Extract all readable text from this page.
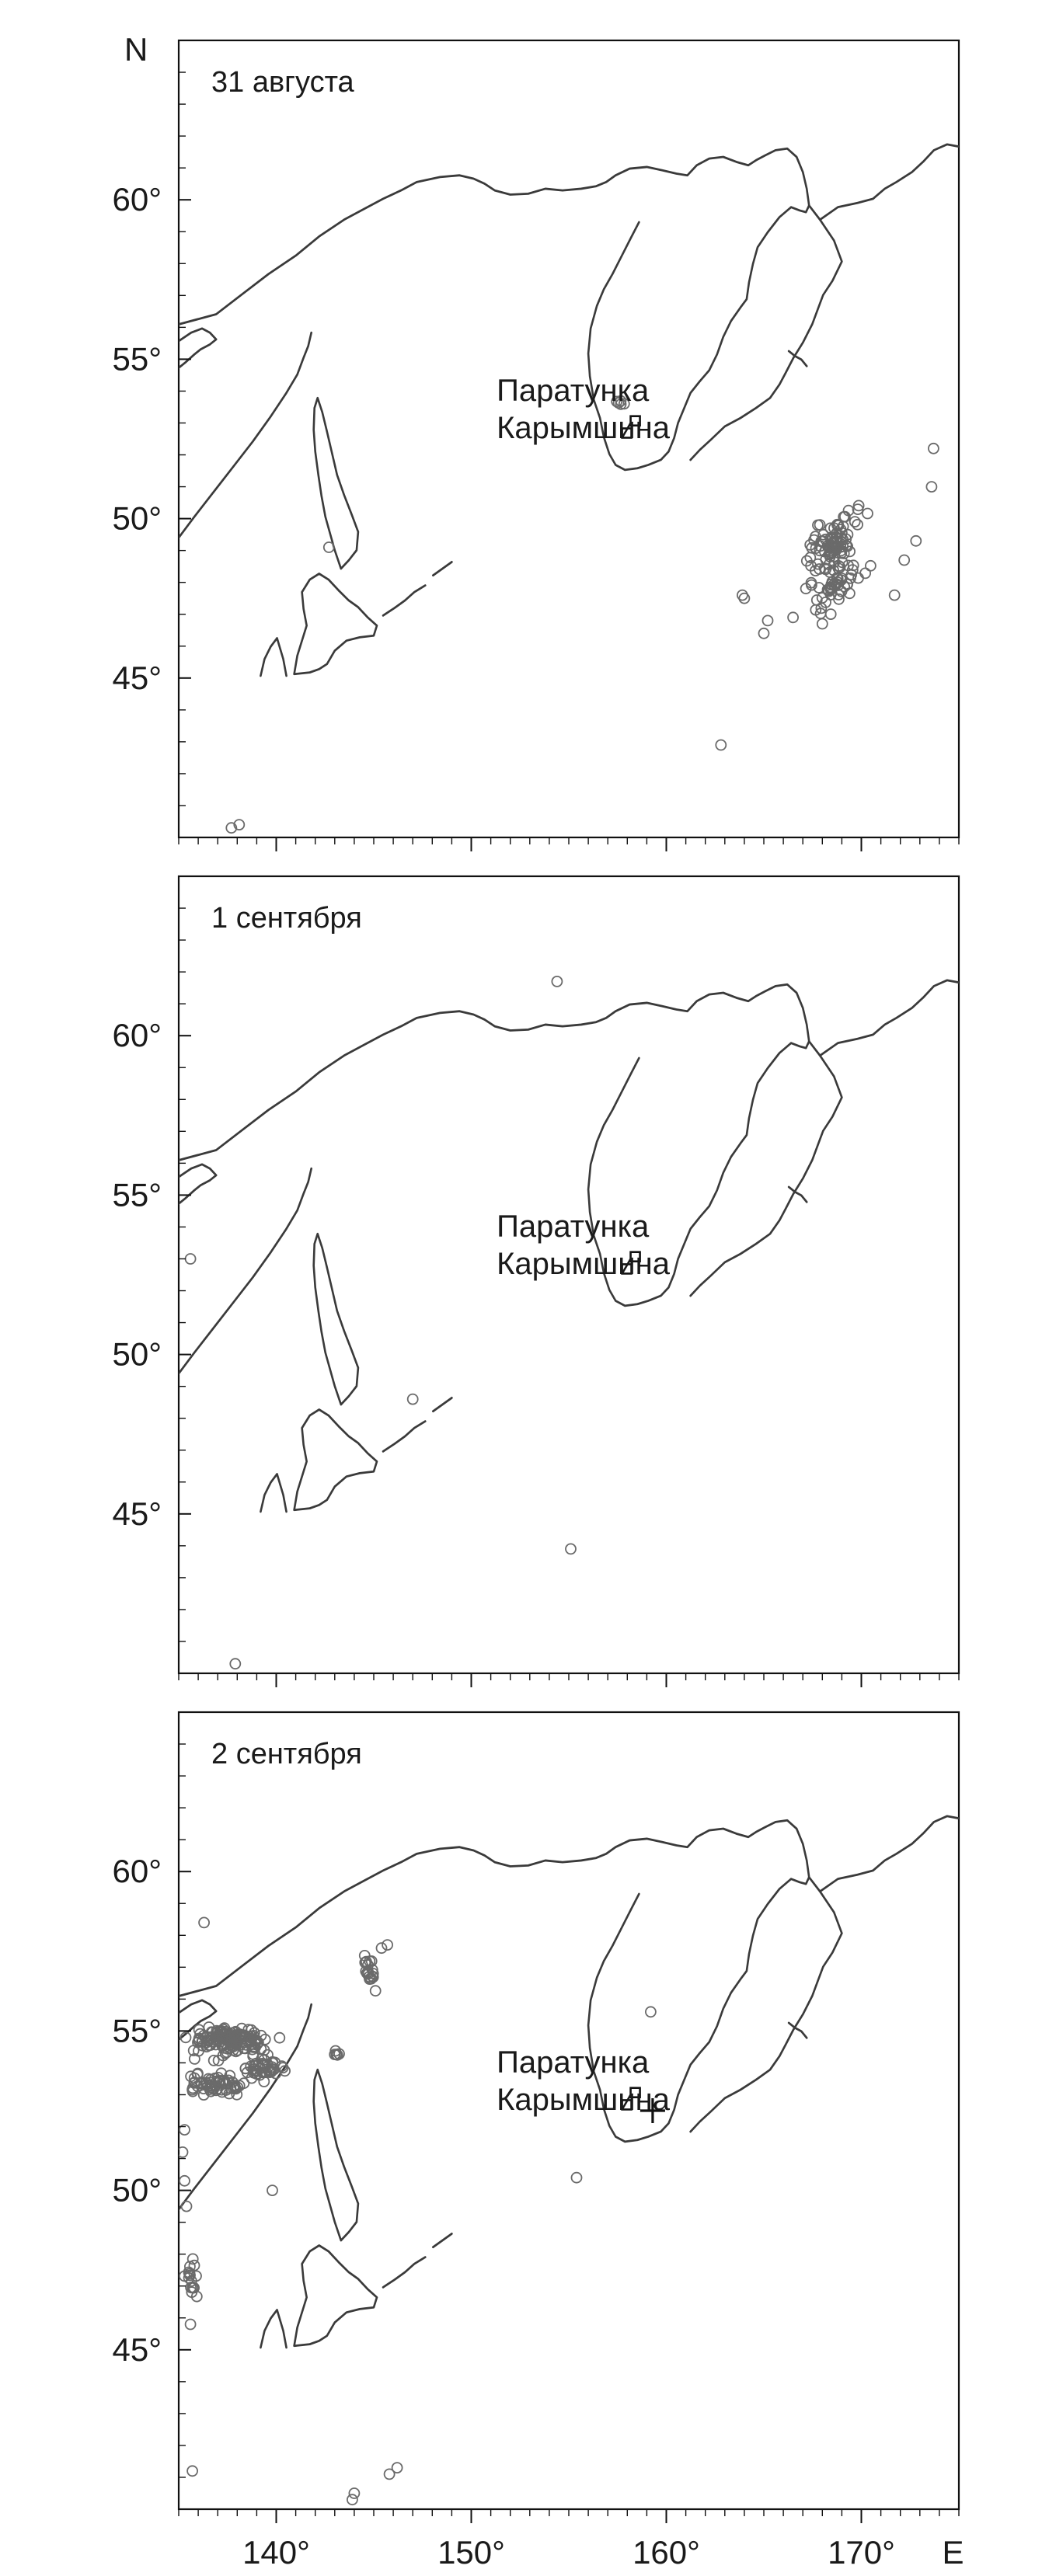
Паратунка
Карымшина
31 августа
60°
55°
50°
45°
Паратунка
Карымшина
1 сентября
60°
55°
50°
45°
Паратунка
Карымшина
2 сентября
60°
55°
50°
45°
N
140°	150°	160°	170° E
